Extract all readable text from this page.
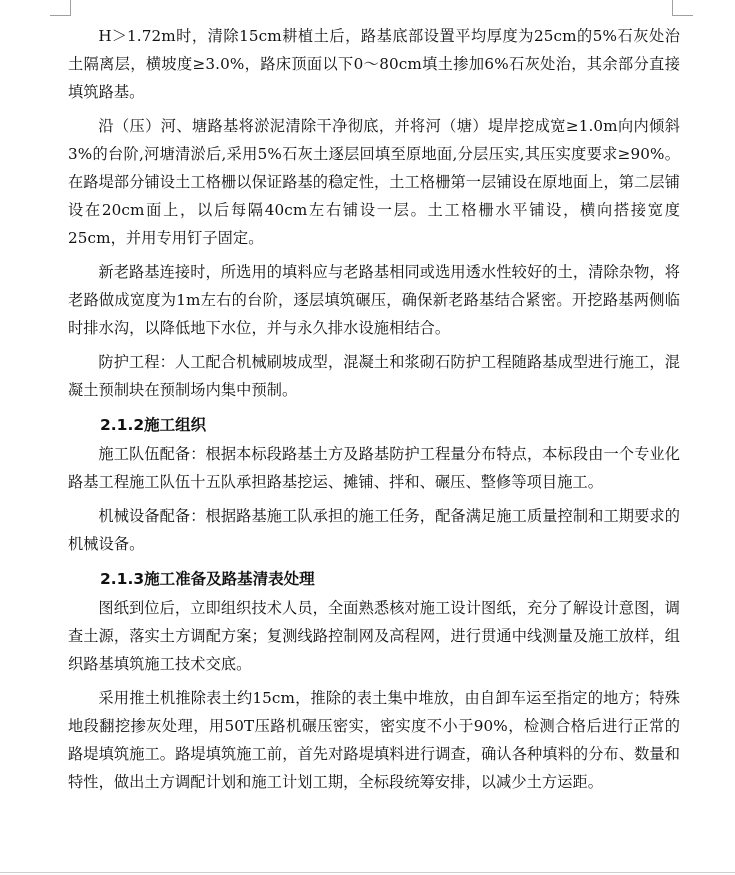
H＞1.72m时，清除15cm耕植土后，路基底部设置平均厚度为25cm的5%石灰处治土隔离层，横坡度≥3.0%，路床顶面以下0～80cm填土掺加6%石灰处治，其余部分直接填筑路基。

沿（压）河、塘路基将淤泥清除干净彻底，并将河（塘）堤岸挖成宽≥1.0m向内倾斜3%的台阶,河塘清淤后,采用5%石灰土逐层回填至原地面,分层压实,其压实度要求≥90%。在路堤部分铺设土工格栅以保证路基的稳定性，土工格栅第一层铺设在原地面上，第二层铺设在20cm面上，以后每隔40cm左右铺设一层。土工格栅水平铺设，横向搭接宽度25cm，并用专用钉子固定。

新老路基连接时，所选用的填料应与老路基相同或选用透水性较好的土，清除杂物，将老路做成宽度为1m左右的台阶，逐层填筑碾压，确保新老路基结合紧密。开挖路基两侧临时排水沟，以降低地下水位，并与永久排水设施相结合。

防护工程：人工配合机械刷坡成型，混凝土和浆砌石防护工程随路基成型进行施工，混凝土预制块在预制场内集中预制。

2.1.2施工组织

施工队伍配备：根据本标段路基土方及路基防护工程量分布特点，本标段由一个专业化路基工程施工队伍十五队承担路基挖运、摊铺、拌和、碾压、整修等项目施工。

机械设备配备：根据路基施工队承担的施工任务，配备满足施工质量控制和工期要求的机械设备。

2.1.3施工准备及路基清表处理

图纸到位后，立即组织技术人员，全面熟悉核对施工设计图纸，充分了解设计意图，调查土源，落实土方调配方案；复测线路控制网及高程网，进行贯通中线测量及施工放样，组织路基填筑施工技术交底。

采用推土机推除表土约15cm，推除的表土集中堆放，由自卸车运至指定的地方；特殊地段翻挖掺灰处理，用50T压路机碾压密实，密实度不小于90%，检测合格后进行正常的路堤填筑施工。路堤填筑施工前，首先对路堤填料进行调查，确认各种填料的分布、数量和特性，做出土方调配计划和施工计划工期，全标段统筹安排，以减少土方运距。
